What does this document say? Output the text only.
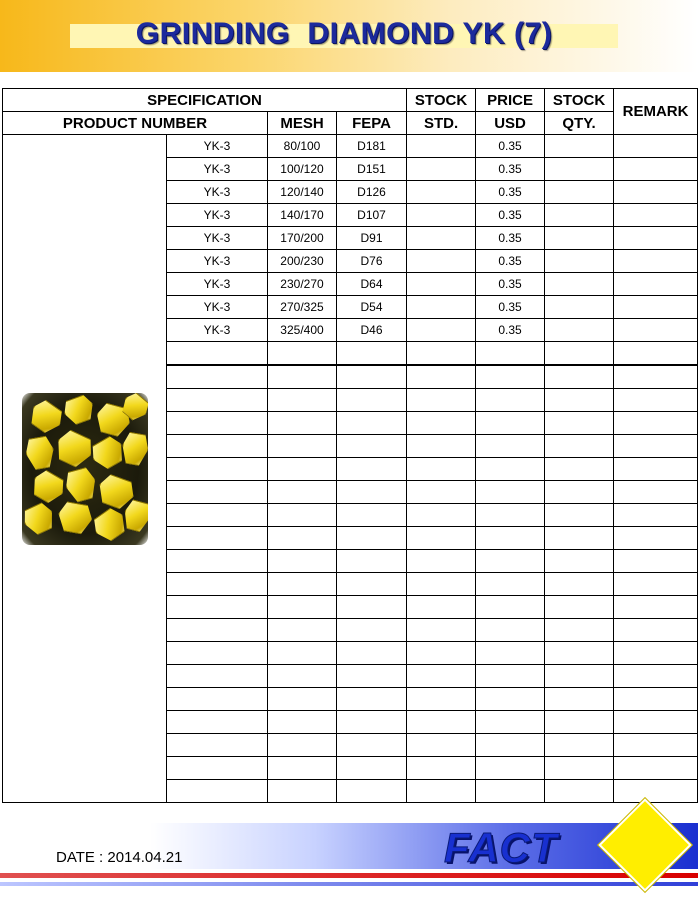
GRINDING  DIAMOND YK (7)
SPECIFICATION				STOCK	PRICE	STOCK	REMARK
PRODUCT NUMBER		MESH	FEPA	STD.	USD	QTY.	

	YK-3	80/100	D181		0.35		
	YK-3	100/120	D151		0.35		
	YK-3	120/140	D126		0.35		
	YK-3	140/170	D107		0.35		
	YK-3	170/200	D91		0.35		
	YK-3	200/230	D76		0.35		
	YK-3	230/270	D64		0.35		
	YK-3	270/325	D54		0.35		
	YK-3	325/400	D46		0.35		

DATE : 2014.04.21	FACT
